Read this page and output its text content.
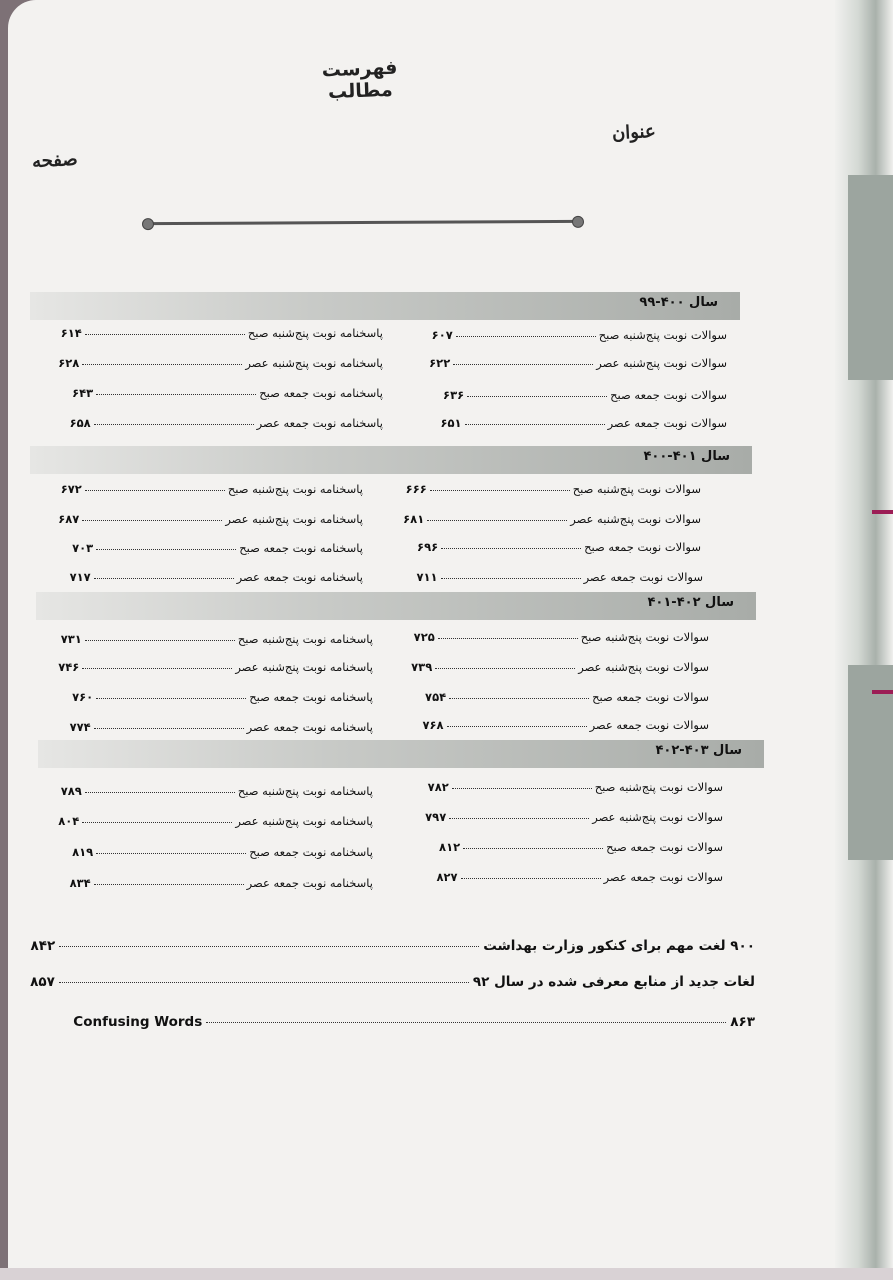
فهرست مطالب
عنوان
صفحه
سال ۴۰۰-۹۹
سال ۴۰۱-۴۰۰
سال ۴۰۲-۴۰۱
سال ۴۰۳-۴۰۲
سوالات نوبت پنج‌شنبه صبح۶۰۷
پاسخنامه نوبت پنج‌شنبه صبح۶۱۴
سوالات نوبت پنج‌شنبه عصر۶۲۲
پاسخنامه نوبت پنج‌شنبه عصر۶۲۸
سوالات نوبت جمعه صبح۶۳۶
پاسخنامه نوبت جمعه صبح۶۴۳
سوالات نوبت جمعه عصر۶۵۱
پاسخنامه نوبت جمعه عصر۶۵۸
سوالات نوبت پنج‌شنبه صبح۶۶۶
پاسخنامه نوبت پنج‌شنبه صبح۶۷۲
سوالات نوبت پنج‌شنبه عصر۶۸۱
پاسخنامه نوبت پنج‌شنبه عصر۶۸۷
سوالات نوبت جمعه صبح۶۹۶
پاسخنامه نوبت جمعه صبح۷۰۳
سوالات نوبت جمعه عصر۷۱۱
پاسخنامه نوبت جمعه عصر۷۱۷
سوالات نوبت پنج‌شنبه صبح۷۲۵
پاسخنامه نوبت پنج‌شنبه صبح۷۳۱
سوالات نوبت پنج‌شنبه عصر۷۳۹
پاسخنامه نوبت پنج‌شنبه عصر۷۴۶
سوالات نوبت جمعه صبح۷۵۴
پاسخنامه نوبت جمعه صبح۷۶۰
سوالات نوبت جمعه عصر۷۶۸
پاسخنامه نوبت جمعه عصر۷۷۴
سوالات نوبت پنج‌شنبه صبح۷۸۲
پاسخنامه نوبت پنج‌شنبه صبح۷۸۹
سوالات نوبت پنج‌شنبه عصر۷۹۷
پاسخنامه نوبت پنج‌شنبه عصر۸۰۴
سوالات نوبت جمعه صبح۸۱۲
پاسخنامه نوبت جمعه صبح۸۱۹
سوالات نوبت جمعه عصر۸۲۷
پاسخنامه نوبت جمعه عصر۸۳۴
۹۰۰ لغت مهم برای کنکور وزارت بهداشت۸۴۲
لغات جدید از منابع معرفی شده در سال ۹۲۸۵۷
Confusing Words	۸۶۳
